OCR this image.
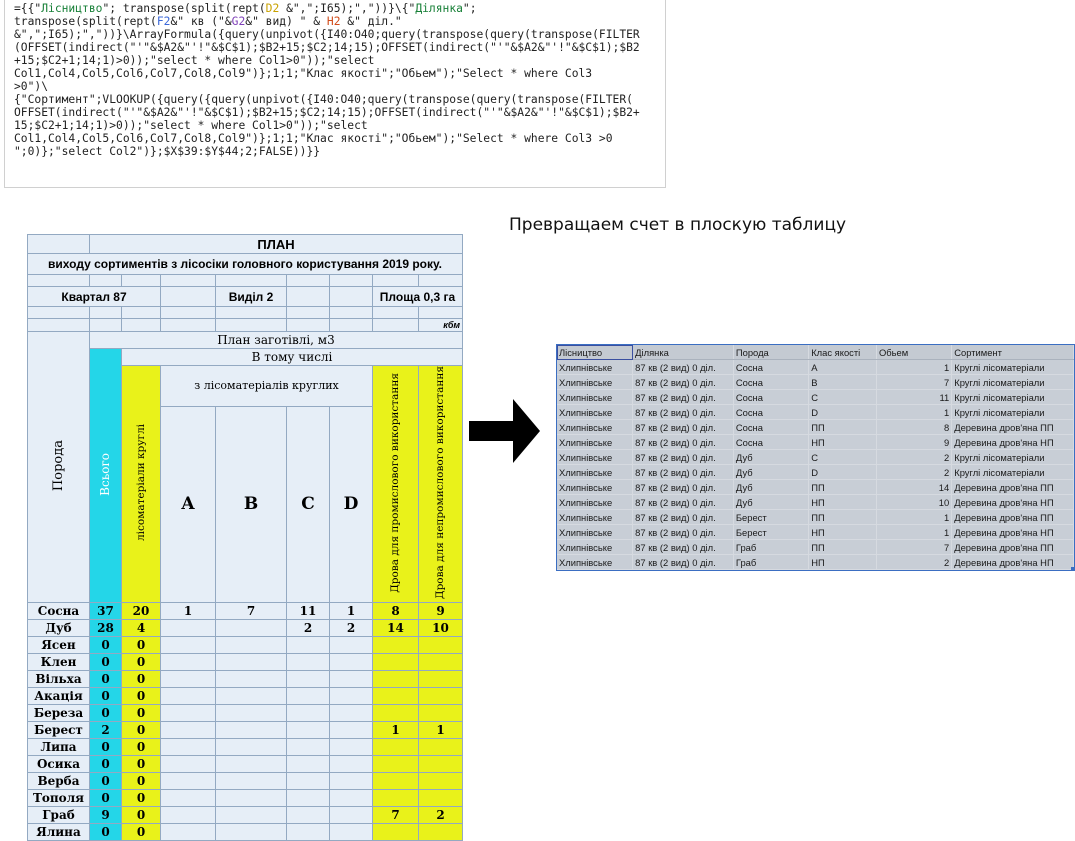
={{"Лісництво"; transpose(split(rept(D2 &",";I65);","))}\{"Ділянка";
transpose(split(rept(F2&" кв ("&G2&" вид) " & H2 &" діл."
&",";I65);","))}\ArrayFormula({query(unpivot({I40:O40;query(transpose(query(transpose(FILTER
(OFFSET(indirect("'"&$A2&"'!"&$C$1);$B2+15;$C2;14;15);OFFSET(indirect("'"&$A2&"'!"&$C$1);$B2
+15;$C2+1;14;1)>0));"select * where Col1>0"));"select
Col1,Col4,Col5,Col6,Col7,Col8,Col9")};1;1;"Клас якості";"Обьем");"Select * where Col3
>0")\
{"Сортимент";VLOOKUP({query({query(unpivot({I40:O40;query(transpose(query(transpose(FILTER(
OFFSET(indirect("'"&$A2&"'!"&$C$1);$B2+15;$C2;14;15);OFFSET(indirect("'"&$A2&"'!"&$C$1);$B2+
15;$C2+1;14;1)>0));"select * where Col1>0"));"select
Col1,Col4,Col5,Col6,Col7,Col8,Col9")};1;1;"Клас якості";"Обьем");"Select * where Col3 >0
";0)};"select Col2")};$X$39:$Y$44;2;FALSE))}}
Превращаем счет в плоскую таблицу
	ПЛАН							
виходу сортиментів з лісосіки головного користування 2019 року.								

Квартал 87				Виділ 2			Площа 0,3 га	

								кбм
Порода	План заготівлі, м3							
	Всього	В тому числі						
		лісоматеріали круглі	з лісоматеріалів круглих				Дрова для промислового використання	Дрова для непромислового використання
			A	B	C	D		
Сосна	37	20	1	7	11	1	8	9
Дуб	28	4			2	2	14	10
Ясен	0	0						
Клен	0	0						
Вільха	0	0						
Акація	0	0						
Береза	0	0						
Берест	2	0					1	1
Липа	0	0						
Осика	0	0						
Верба	0	0						
Тополя	0	0						
Граб	9	0					7	2
Ялина	0	0						
Лісництво	Ділянка	Порода	Клас якості	Обьем	Сортимент
Хлипнівське	87 кв (2 вид) 0 діл.	Сосна	A	1	Круглі лісоматеріали
Хлипнівське	87 кв (2 вид) 0 діл.	Сосна	B	7	Круглі лісоматеріали
Хлипнівське	87 кв (2 вид) 0 діл.	Сосна	C	11	Круглі лісоматеріали
Хлипнівське	87 кв (2 вид) 0 діл.	Сосна	D	1	Круглі лісоматеріали
Хлипнівське	87 кв (2 вид) 0 діл.	Сосна	ПП	8	Деревина дров'яна ПП
Хлипнівське	87 кв (2 вид) 0 діл.	Сосна	НП	9	Деревина дров'яна НП
Хлипнівське	87 кв (2 вид) 0 діл.	Дуб	C	2	Круглі лісоматеріали
Хлипнівське	87 кв (2 вид) 0 діл.	Дуб	D	2	Круглі лісоматеріали
Хлипнівське	87 кв (2 вид) 0 діл.	Дуб	ПП	14	Деревина дров'яна ПП
Хлипнівське	87 кв (2 вид) 0 діл.	Дуб	НП	10	Деревина дров'яна НП
Хлипнівське	87 кв (2 вид) 0 діл.	Берест	ПП	1	Деревина дров'яна ПП
Хлипнівське	87 кв (2 вид) 0 діл.	Берест	НП	1	Деревина дров'яна НП
Хлипнівське	87 кв (2 вид) 0 діл.	Граб	ПП	7	Деревина дров'яна ПП
Хлипнівське	87 кв (2 вид) 0 діл.	Граб	НП	2	Деревина дров'яна НП
